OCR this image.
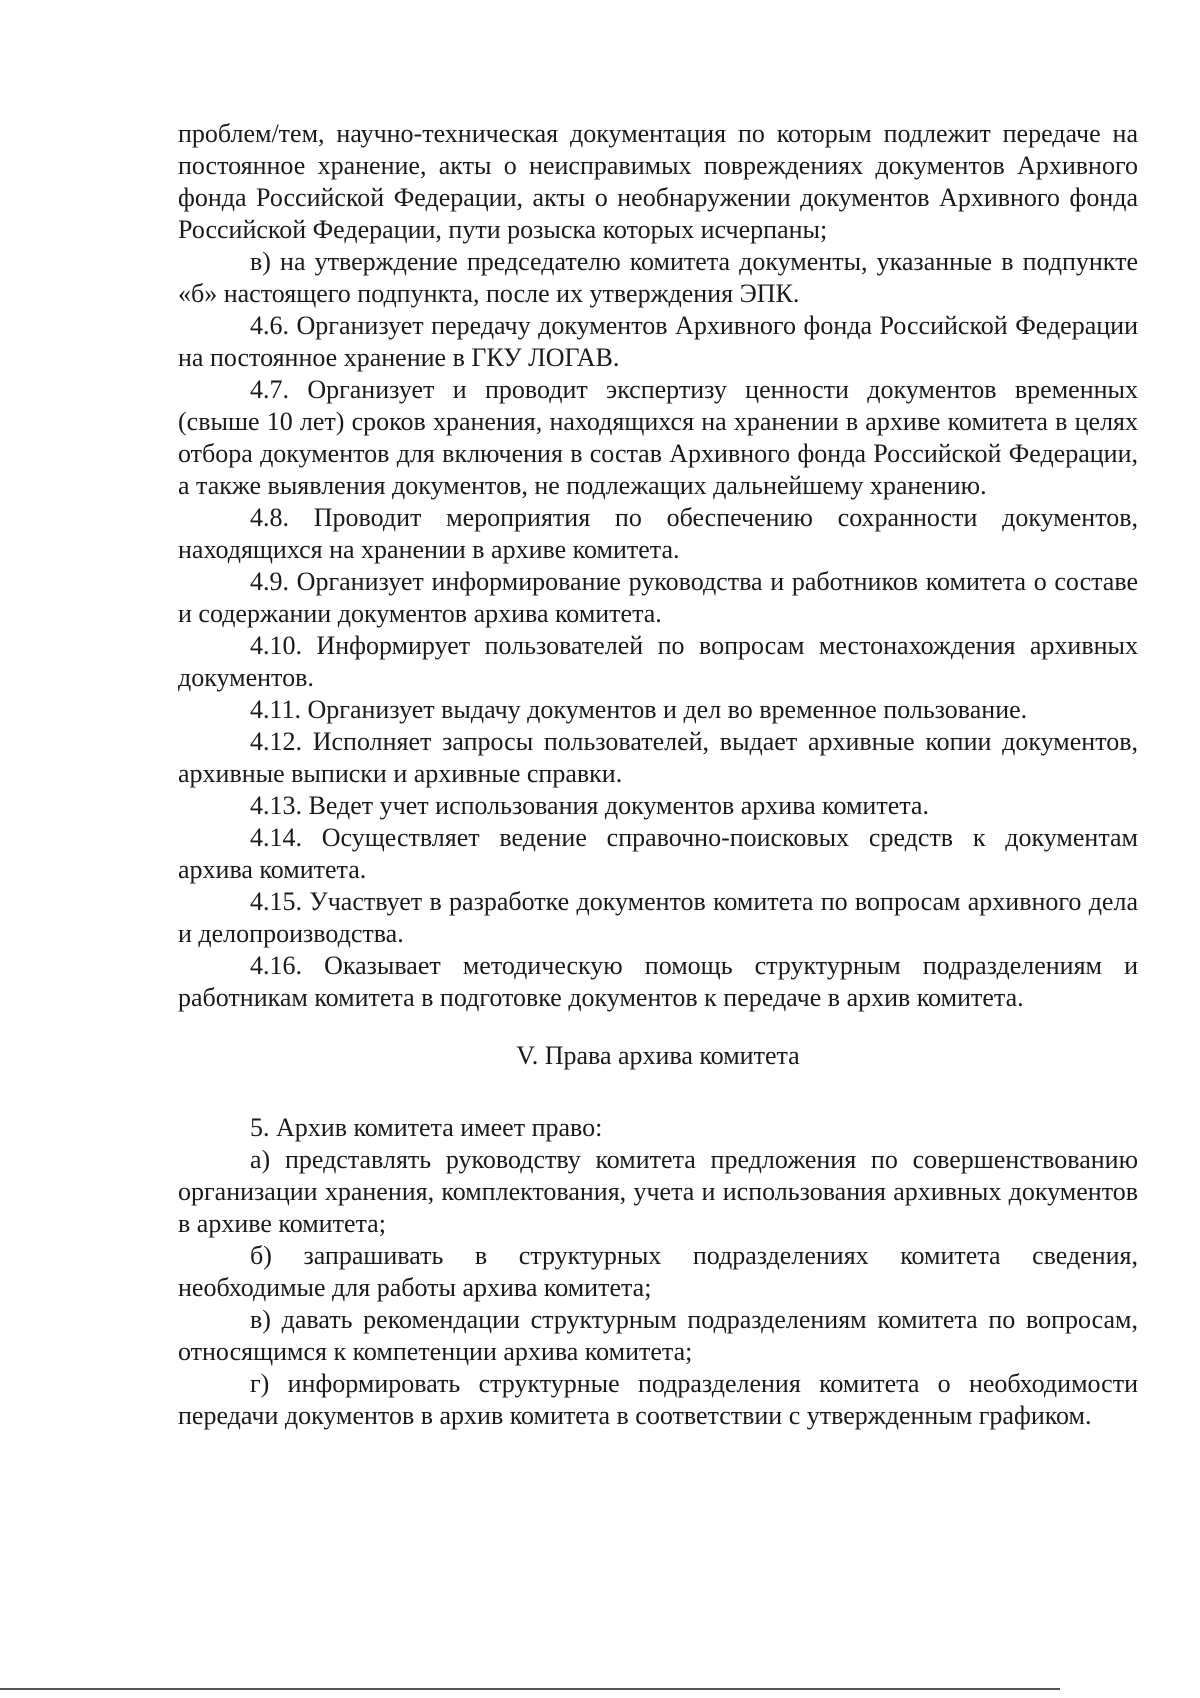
проблем/тем, научно-техническая документация по которым подлежит передаче на постоянное хранение, акты о неисправимых повреждениях документов Архивного фонда Российской Федерации, акты о необнаружении документов Архивного фонда Российской Федерации, пути розыска которых исчерпаны;

в) на утверждение председателю комитета документы, указанные в подпункте «б» настоящего подпункта, после их утверждения ЭПК.

4.6. Организует передачу документов Архивного фонда Российской Федерации на постоянное хранение в ГКУ ЛОГАВ.

4.7. Организует и проводит экспертизу ценности документов временных (свыше 10 лет) сроков хранения, находящихся на хранении в архиве комитета в целях отбора документов для включения в состав Архивного фонда Российской Федерации, а также выявления документов, не подлежащих дальнейшему хранению.

4.8. Проводит мероприятия по обеспечению сохранности документов, находящихся на хранении в архиве комитета.

4.9. Организует информирование руководства и работников комитета о составе и содержании документов архива комитета.

4.10. Информирует пользователей по вопросам местонахождения архивных документов.

4.11. Организует выдачу документов и дел во временное пользование.

4.12. Исполняет запросы пользователей, выдает архивные копии документов, архивные выписки и архивные справки.

4.13. Ведет учет использования документов архива комитета.

4.14. Осуществляет ведение справочно-поисковых средств к документам архива комитета.

4.15. Участвует в разработке документов комитета по вопросам архивного дела и делопроизводства.

4.16. Оказывает методическую помощь структурным подразделениям и работникам комитета в подготовке документов к передаче в архив комитета.

V. Права архива комитета

5. Архив комитета имеет право:

а) представлять руководству комитета предложения по совершенствованию организации хранения, комплектования, учета и использования архивных документов в архиве комитета;

б) запрашивать в структурных подразделениях комитета сведения, необходимые для работы архива комитета;

в) давать рекомендации структурным подразделениям комитета по вопросам, относящимся к компетенции архива комитета;

г) информировать структурные подразделения комитета о необходимости передачи документов в архив комитета в соответствии с утвержденным графиком.
